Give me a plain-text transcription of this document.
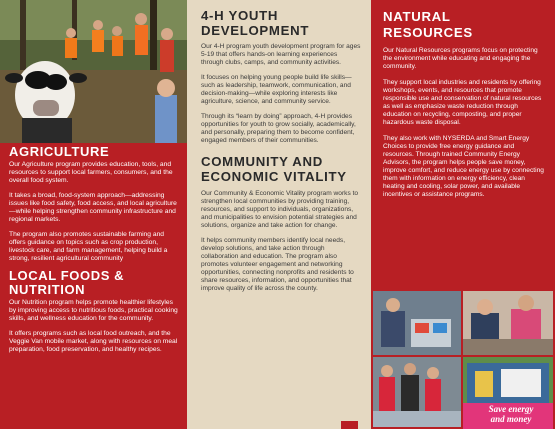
AGRICULTURE

Our Agriculture program provides education, tools, and resources to support local farmers, consumers, and the overall food system.

It takes a broad, food-system approach—addressing issues like food safety, food access, and local agriculture—while helping strengthen community infrastructure and regional markets.

The program also promotes sustainable farming and offers guidance on topics such as crop production, livestock care, and farm management, helping build a strong, resilient agricultural community

LOCAL FOODS &
NUTRITION

Our Nutrition program helps promote healthier lifestyles by improving access to nutritious foods, practical cooking skills, and wellness education for the community.

It offers programs such as local food outreach, and the Veggie Van mobile market, along with resources on meal preparation, food preservation, and healthy recipes.

4-H YOUTH
DEVELOPMENT

Our 4-H program youth development program for ages 5-19 that offers hands-on learning experiences through clubs, camps, and community activities.

It focuses on helping young people build life skills—such as leadership, teamwork, communication, and decision-making—while exploring interests like agriculture, science, and community service.

Through its “learn by doing” approach, 4-H provides opportunities for youth to grow socially, academically, and personally, preparing them to become confident, engaged members of their communities.

COMMUNITY AND
ECONOMIC VITALITY

Our Community & Economic Vitality program works to strengthen local communities by providing training, resources, and support to individuals, organizations, and municipalities to envision potential strategies and solutions, organize and take action for change.

It helps community members identify local needs, develop solutions, and take action through collaboration and education. The program also promotes volunteer engagement and networking opportunities, connecting nonprofits and residents to share resources, information, and opportunities that improve quality of life across the county.

NATURAL
RESOURCES

Our Natural Resources programs focus on protecting the environment while educating and engaging the community.

They support local industries and residents by offering workshops, events, and resources that promote responsible use and conservation of natural resources as well as emphasize waste reduction through education on recycling, composting, and proper hazardous waste disposal.

They also work with NYSERDA and Smart Energy Choices to provide free energy guidance and resources. Through trained Community Energy Advisors, the program helps people save money, improve comfort, and reduce energy use by connecting them with information on energy efficiency, clean heating and cooling, solar power, and available incentives or assistance programs.

Save energy
and money
